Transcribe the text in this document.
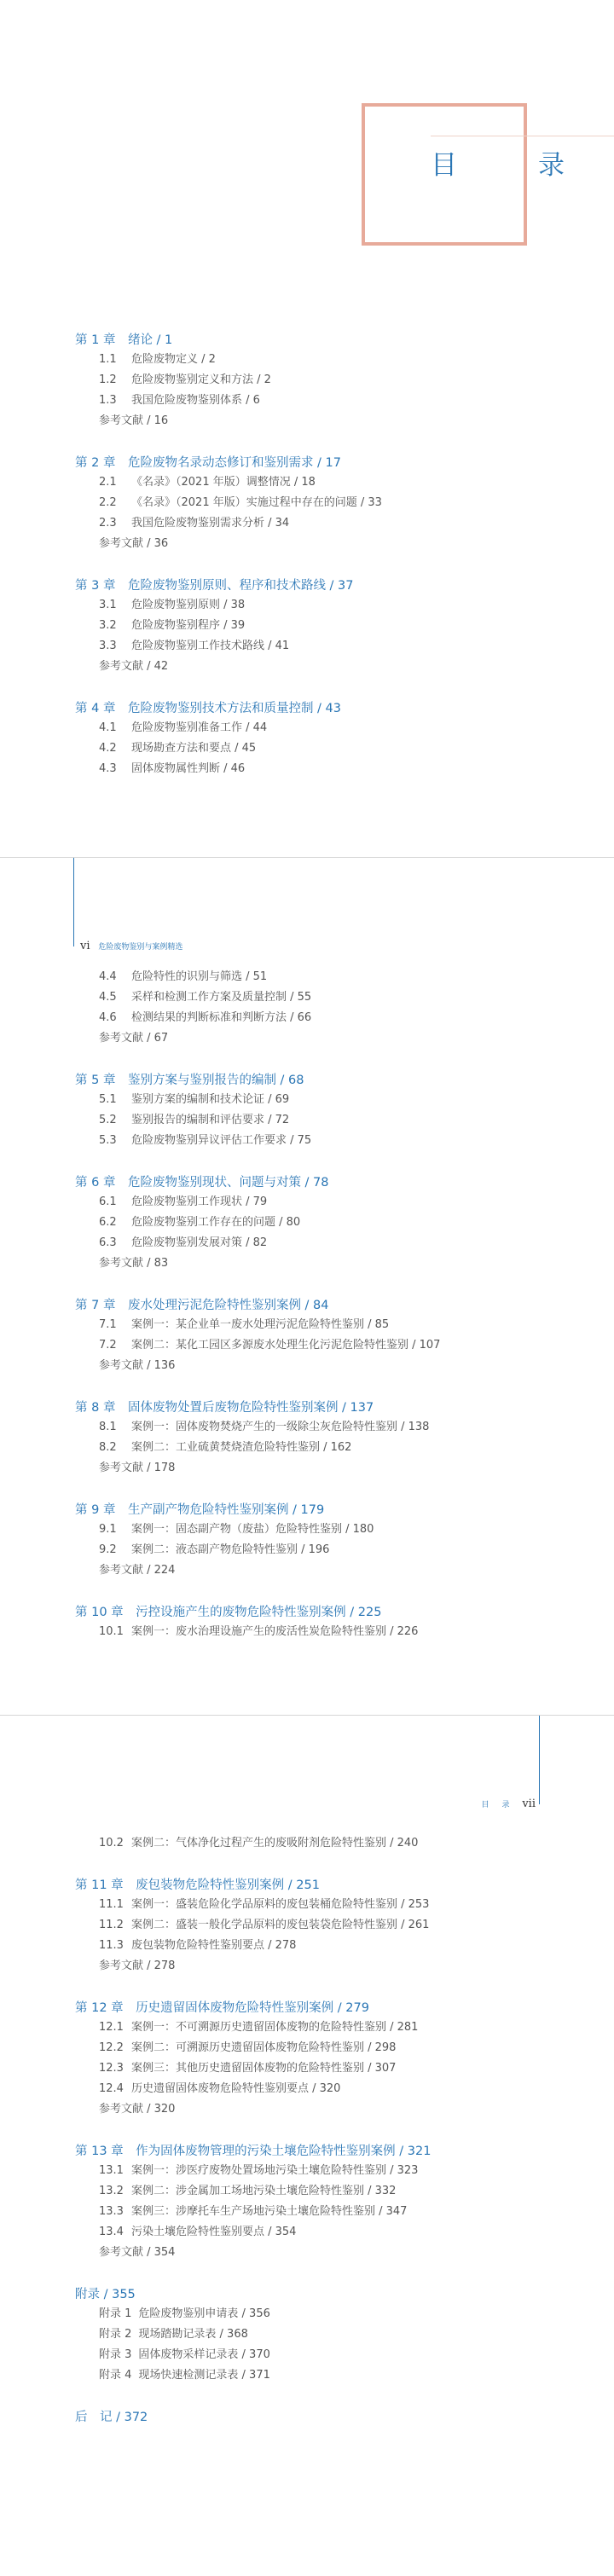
目　录
第 1 章　绪论 / 1
1.1 危险废物定义 / 2
1.2 危险废物鉴别定义和方法 / 2
1.3 我国危险废物鉴别体系 / 6
参考文献 / 16
第 2 章　危险废物名录动态修订和鉴别需求 / 17
2.1 《名录》（2021 年版）调整情况 / 18
2.2 《名录》（2021 年版）实施过程中存在的问题 / 33
2.3 我国危险废物鉴别需求分析 / 34
参考文献 / 36
第 3 章　危险废物鉴别原则、程序和技术路线 / 37
3.1 危险废物鉴别原则 / 38
3.2 危险废物鉴别程序 / 39
3.3 危险废物鉴别工作技术路线 / 41
参考文献 / 42
第 4 章　危险废物鉴别技术方法和质量控制 / 43
4.1 危险废物鉴别准备工作 / 44
4.2 现场勘查方法和要点 / 45
4.3 固体废物属性判断 / 46
vi 危险废物鉴别与案例精选
4.4 危险特性的识别与筛选 / 51
4.5 采样和检测工作方案及质量控制 / 55
4.6 检测结果的判断标准和判断方法 / 66
参考文献 / 67
第 5 章　鉴别方案与鉴别报告的编制 / 68
5.1 鉴别方案的编制和技术论证 / 69
5.2 鉴别报告的编制和评估要求 / 72
5.3 危险废物鉴别异议评估工作要求 / 75
第 6 章　危险废物鉴别现状、问题与对策 / 78
6.1 危险废物鉴别工作现状 / 79
6.2 危险废物鉴别工作存在的问题 / 80
6.3 危险废物鉴别发展对策 / 82
参考文献 / 83
第 7 章　废水处理污泥危险特性鉴别案例 / 84
7.1 案例一：某企业单一废水处理污泥危险特性鉴别 / 85
7.2 案例二：某化工园区多源废水处理生化污泥危险特性鉴别 / 107
参考文献 / 136
第 8 章　固体废物处置后废物危险特性鉴别案例 / 137
8.1 案例一：固体废物焚烧产生的一级除尘灰危险特性鉴别 / 138
8.2 案例二：工业硫黄焚烧渣危险特性鉴别 / 162
参考文献 / 178
第 9 章　生产副产物危险特性鉴别案例 / 179
9.1 案例一：固态副产物（废盐）危险特性鉴别 / 180
9.2 案例二：液态副产物危险特性鉴别 / 196
参考文献 / 224
第 10 章　污控设施产生的废物危险特性鉴别案例 / 225
10.1 案例一：废水治理设施产生的废活性炭危险特性鉴别 / 226
目　录 vii
10.2 案例二：气体净化过程产生的废吸附剂危险特性鉴别 / 240
第 11 章　废包装物危险特性鉴别案例 / 251
11.1 案例一：盛装危险化学品原料的废包装桶危险特性鉴别 / 253
11.2 案例二：盛装一般化学品原料的废包装袋危险特性鉴别 / 261
11.3 废包装物危险特性鉴别要点 / 278
参考文献 / 278
第 12 章　历史遗留固体废物危险特性鉴别案例 / 279
12.1 案例一：不可溯源历史遗留固体废物的危险特性鉴别 / 281
12.2 案例二：可溯源历史遗留固体废物危险特性鉴别 / 298
12.3 案例三：其他历史遗留固体废物的危险特性鉴别 / 307
12.4 历史遗留固体废物危险特性鉴别要点 / 320
参考文献 / 320
第 13 章　作为固体废物管理的污染土壤危险特性鉴别案例 / 321
13.1 案例一：涉医疗废物处置场地污染土壤危险特性鉴别 / 323
13.2 案例二：涉金属加工场地污染土壤危险特性鉴别 / 332
13.3 案例三：涉摩托车生产场地污染土壤危险特性鉴别 / 347
13.4 污染土壤危险特性鉴别要点 / 354
参考文献 / 354
附录 / 355
附录 1 危险废物鉴别申请表 / 356
附录 2 现场踏勘记录表 / 368
附录 3 固体废物采样记录表 / 370
附录 4 现场快速检测记录表 / 371
后　记 / 372
